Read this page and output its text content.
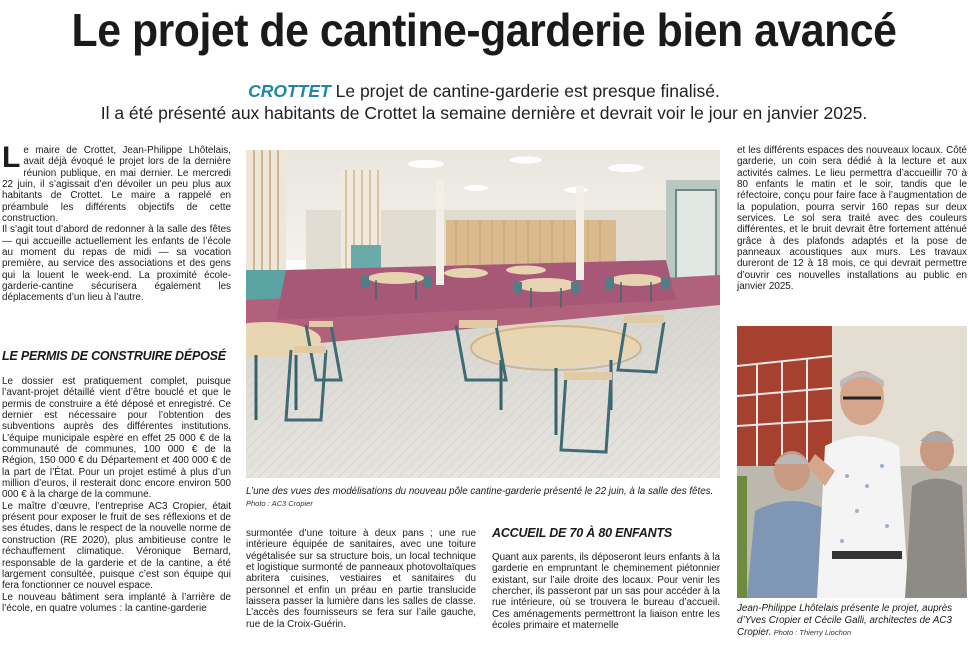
Le projet de cantine-garderie bien avancé
CROTTET Le projet de cantine-garderie est presque finalisé.
Il a été présenté aux habitants de Crottet la semaine dernière et devrait voir le jour en janvier 2025.

Le maire de Crottet, Jean-Philippe Lhôtelais, avait déjà évoqué le projet lors de la dernière réunion publique, en mai dernier. Le mercredi 22 juin, il s’agissait d’en dévoiler un peu plus aux habitants de Crottet. Le maire a rappelé en préambule les différents objectifs de cette construction.

Il s’agit tout d’abord de redonner à la salle des fêtes — qui accueille actuellement les enfants de l’école au moment du repas de midi — sa vocation première, au service des associations et des gens qui la louent le week-end. La proximité école-garderie-cantine sécurisera également les déplacements d’un lieu à l’autre.

LE PERMIS DE CONSTRUIRE DÉPOSÉ

Le dossier est pratiquement complet, puisque l’avant-projet détaillé vient d’être bouclé et que le permis de construire a été déposé et enregistré. Ce dernier est nécessaire pour l’obtention des subventions auprès des différentes institutions. L’équipe municipale espère en effet 25 000 € de la communauté de communes, 100 000 € de la Région, 150 000 € du Département et 400 000 € de la part de l’État. Pour un projet estimé à plus d’un million d’euros, il resterait donc encore environ 500 000 € à la charge de la commune.

Le maître d’œuvre, l’entreprise AC3 Cropier, était présent pour exposer le fruit de ses réflexions et de ses études, dans le respect de la nouvelle norme de construction (RE 2020), plus ambitieuse contre le réchauffement climatique. Véronique Bernard, responsable de la garderie et de la cantine, a été largement consultée, puisque c’est son équipe qui fera fonctionner ce nouvel espace.

Le nouveau bâtiment sera implanté à l’arrière de l’école, en quatre volumes : la cantine-garderie

L’une des vues des modélisations du nouveau pôle cantine-garderie présenté le 22 juin, à la salle des fêtes. Photo : AC3 Cropier

surmontée d’une toiture à deux pans ; une rue intérieure équipée de sanitaires, avec une toiture végétalisée sur sa structure bois, un local technique et logistique surmonté de panneaux photovoltaïques abritera cuisines, vestiaires et sanitaires du personnel et enfin un préau en partie translucide laissera passer la lumière dans les salles de classe. L’accès des fournisseurs se fera sur l’aile gauche, rue de la Croix-Guérin.

ACCUEIL DE 70 À 80 ENFANTS

Quant aux parents, ils déposeront leurs enfants à la garderie en empruntant le cheminement piétonnier existant, sur l’aile droite des locaux. Pour venir les chercher, ils passeront par un sas pour accéder à la rue intérieure, où se trouvera le bureau d’accueil. Ces aménagements permettront la liaison entre les écoles primaire et maternelle

et les différents espaces des nouveaux locaux. Côté garderie, un coin sera dédié à la lecture et aux activités calmes. Le lieu permettra d’accueillir 70 à 80 enfants le matin et le soir, tandis que le réfectoire, conçu pour faire face à l’augmentation de la population, pourra servir 160 repas sur deux services. Le sol sera traité avec des couleurs différentes, et le bruit devrait être fortement atténué grâce à des plafonds adaptés et la pose de panneaux acoustiques aux murs. Les travaux dureront de 12 à 18 mois, ce qui devrait permettre d’ouvrir ces nouvelles installations au public en janvier 2025.

Jean-Philippe Lhôtelais présente le projet, auprès d’Yves Cropier et Cécile Galli, architectes de AC3 Cropier. Photo : Thierry Liochon
